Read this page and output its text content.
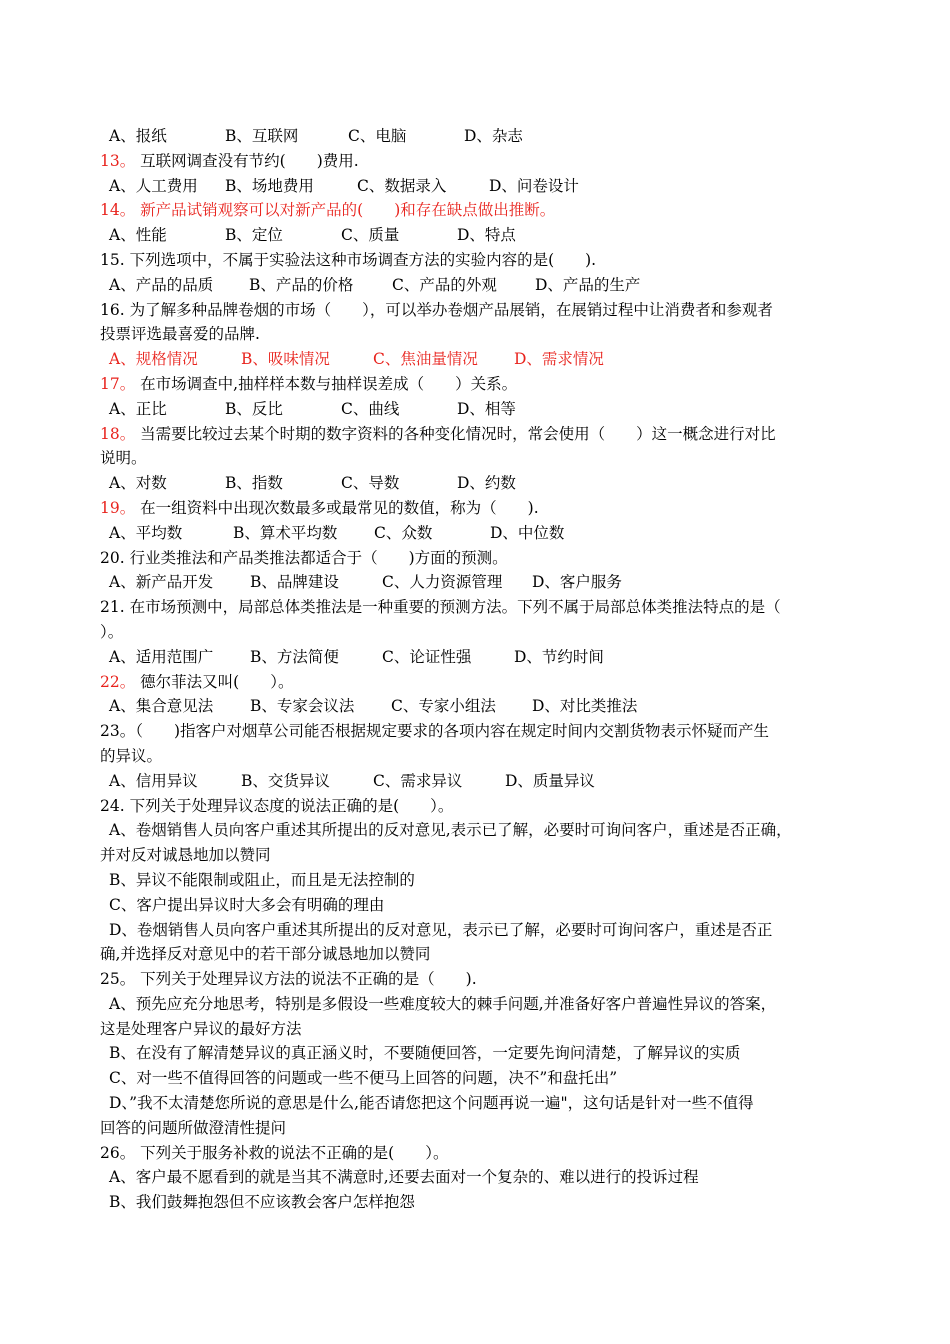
A、报纸	B、互联网	C、电脑	D、杂志
13。 互联网调查没有节约(　　)费用.
A、人工费用 B、场地费用	C、数据录入	D、问卷设计
14。 新产品试销观察可以对新产品的(　　)和存在缺点做出推断。
A、性能	B、定位	C、质量	D、特点
15. 下列选项中，不属于实验法这种市场调查方法的实验内容的是(　　).
A、产品的品质 B、产品的价格 C、产品的外观 D、产品的生产
16. 为了解多种品牌卷烟的市场（　　），可以举办卷烟产品展销，在展销过程中让消费者和参观者
投票评选最喜爱的品牌.
A、规格情况	B、吸味情况	C、焦油量情况 D、需求情况
17。 在市场调查中,抽样样本数与抽样误差成（　　）关系。
A、正比	B、反比	C、曲线	D、相等
18。 当需要比较过去某个时期的数字资料的各种变化情况时，常会使用（　　）这一概念进行对比
说明。
A、对数	B、指数	C、导数	D、约数
19。 在一组资料中出现次数最多或最常见的数值，称为（　　).
A、平均数	B、算术平均数 C、众数	D、中位数
20. 行业类推法和产品类推法都适合于（　　)方面的预测。
A、新产品开发 B、品牌建设	C、人力资源管理 D、客户服务
21. 在市场预测中，局部总体类推法是一种重要的预测方法。下列不属于局部总体类推法特点的是（
）。
A、适用范围广 B、方法简便	C、论证性强	D、节约时间
22。 德尔菲法又叫(　　）。
A、集合意见法 B、专家会议法 C、专家小组法 D、对比类推法
23。（　　)指客户对烟草公司能否根据规定要求的各项内容在规定时间内交割货物表示怀疑而产生
的异议。
A、信用异议	B、交货异议	C、需求异议	D、质量异议
24. 下列关于处理异议态度的说法正确的是(　　）。
A、卷烟销售人员向客户重述其所提出的反对意见,表示已了解，必要时可询问客户，重述是否正确，
并对反对诚恳地加以赞同
B、异议不能限制或阻止，而且是无法控制的
C、客户提出异议时大多会有明确的理由
D、卷烟销售人员向客户重述其所提出的反对意见，表示已了解，必要时可询问客户，重述是否正
确,并选择反对意见中的若干部分诚恳地加以赞同
25。 下列关于处理异议方法的说法不正确的是（　　).
A、预先应充分地思考，特别是多假设一些难度较大的棘手问题,并准备好客户普遍性异议的答案，
这是处理客户异议的最好方法
B、在没有了解清楚异议的真正涵义时，不要随便回答，一定要先询问清楚，了解异议的实质
C、对一些不值得回答的问题或一些不便马上回答的问题，决不”和盘托出”
D、”我不太清楚您所说的意思是什么,能否请您把这个问题再说一遍"，这句话是针对一些不值得
回答的问题所做澄清性提问
26。 下列关于服务补救的说法不正确的是(　　）。
A、客户最不愿看到的就是当其不满意时,还要去面对一个复杂的、难以进行的投诉过程
B、我们鼓舞抱怨但不应该教会客户怎样抱怨
